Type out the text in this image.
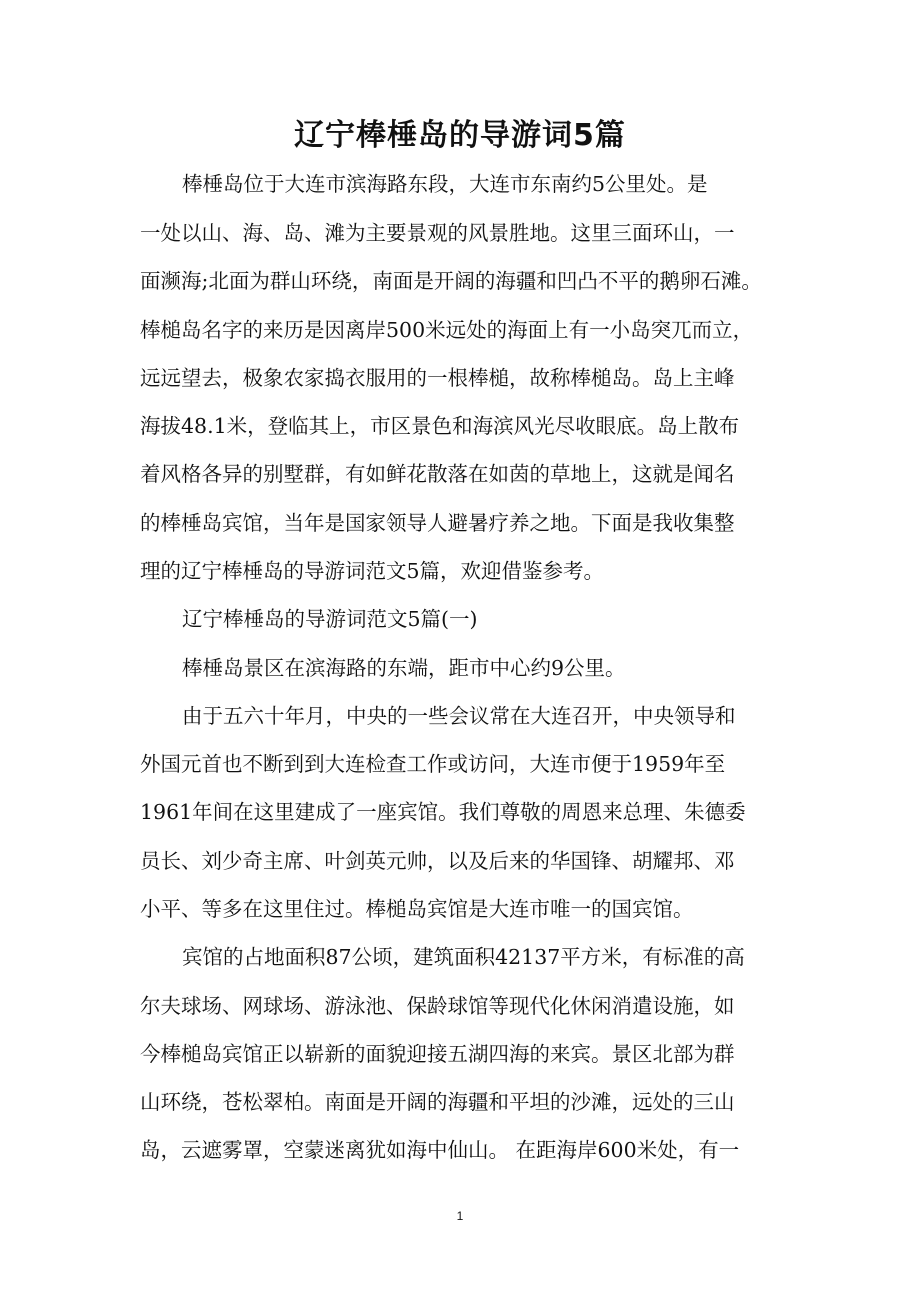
辽宁棒棰岛的导游词5篇
棒棰岛位于大连市滨海路东段，大连市东南约5公里处。是
一处以山、海、岛、滩为主要景观的风景胜地。这里三面环山，一
面濒海;北面为群山环绕，南面是开阔的海疆和凹凸不平的鹅卵石滩。
棒槌岛名字的来历是因离岸500米远处的海面上有一小岛突兀而立，
远远望去，极象农家捣衣服用的一根棒槌，故称棒槌岛。岛上主峰
海拔48.1米，登临其上，市区景色和海滨风光尽收眼底。岛上散布
着风格各异的别墅群，有如鲜花散落在如茵的草地上，这就是闻名
的棒棰岛宾馆，当年是国家领导人避暑疗养之地。下面是我收集整
理的辽宁棒棰岛的导游词范文5篇，欢迎借鉴参考。
辽宁棒棰岛的导游词范文5篇(一)
棒棰岛景区在滨海路的东端，距市中心约9公里。
由于五六十年月，中央的一些会议常在大连召开，中央领导和
外国元首也不断到到大连检查工作或访问，大连市便于1959年至
1961年间在这里建成了一座宾馆。我们尊敬的周恩来总理、朱德委
员长、刘少奇主席、叶剑英元帅，以及后来的华国锋、胡耀邦、邓
小平、等多在这里住过。棒槌岛宾馆是大连市唯一的国宾馆。
宾馆的占地面积87公顷，建筑面积42137平方米，有标准的高
尔夫球场、网球场、游泳池、保龄球馆等现代化休闲消遣设施，如
今棒槌岛宾馆正以崭新的面貌迎接五湖四海的来宾。景区北部为群
山环绕，苍松翠柏。南面是开阔的海疆和平坦的沙滩，远处的三山
岛，云遮雾罩，空蒙迷离犹如海中仙山。 在距海岸600米处，有一
1
